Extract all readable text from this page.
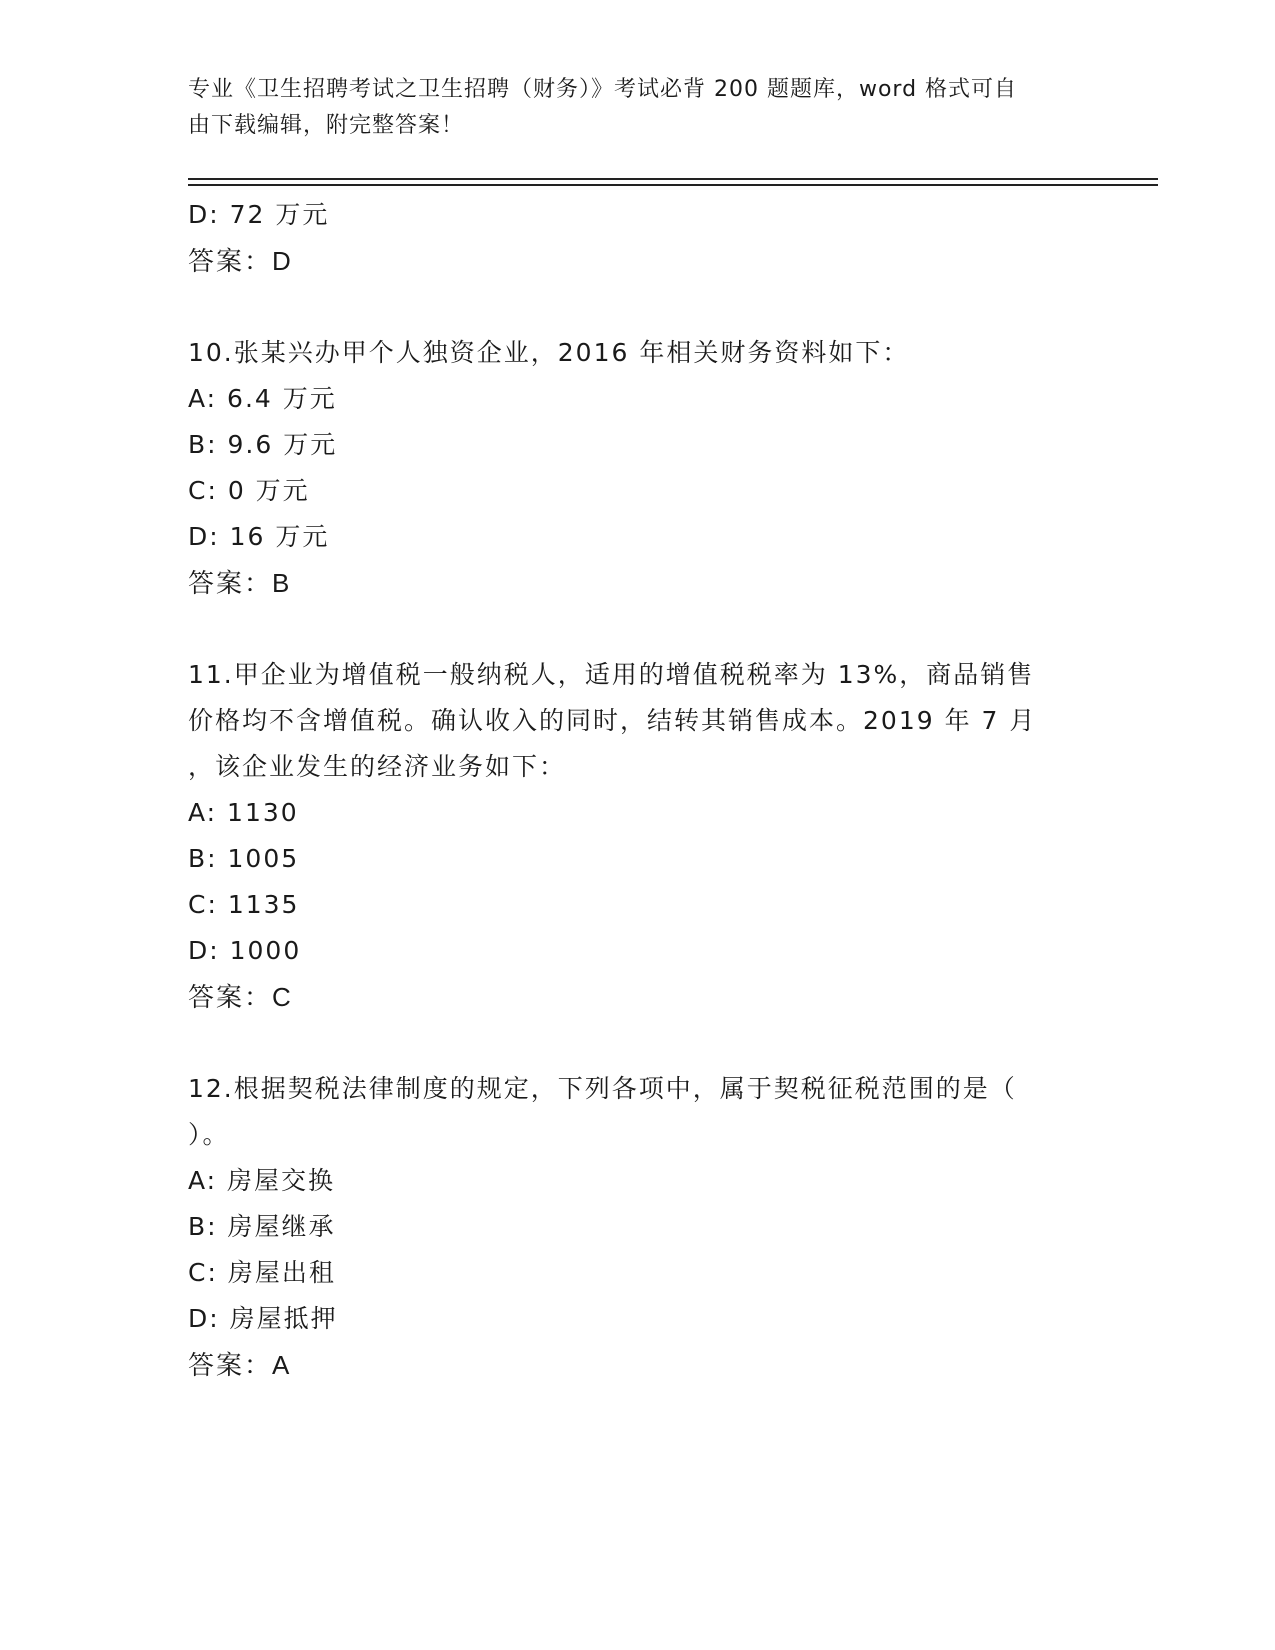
专业《卫生招聘考试之卫生招聘（财务）》考试必背 200 题题库，word 格式可自
由下载编辑，附完整答案！
D: 72 万元
答案：D
10.张某兴办甲个人独资企业，2016 年相关财务资料如下：
A: 6.4 万元
B: 9.6 万元
C: 0 万元
D: 16 万元
答案：B
11.甲企业为增值税一般纳税人，适用的增值税税率为 13%，商品销售
价格均不含增值税。确认收入的同时，结转其销售成本。2019 年 7 月
，该企业发生的经济业务如下：
A: 1130
B: 1005
C: 1135
D: 1000
答案：C
12.根据契税法律制度的规定，下列各项中，属于契税征税范围的是（
）。
A: 房屋交换
B: 房屋继承
C: 房屋出租
D: 房屋抵押
答案：A
